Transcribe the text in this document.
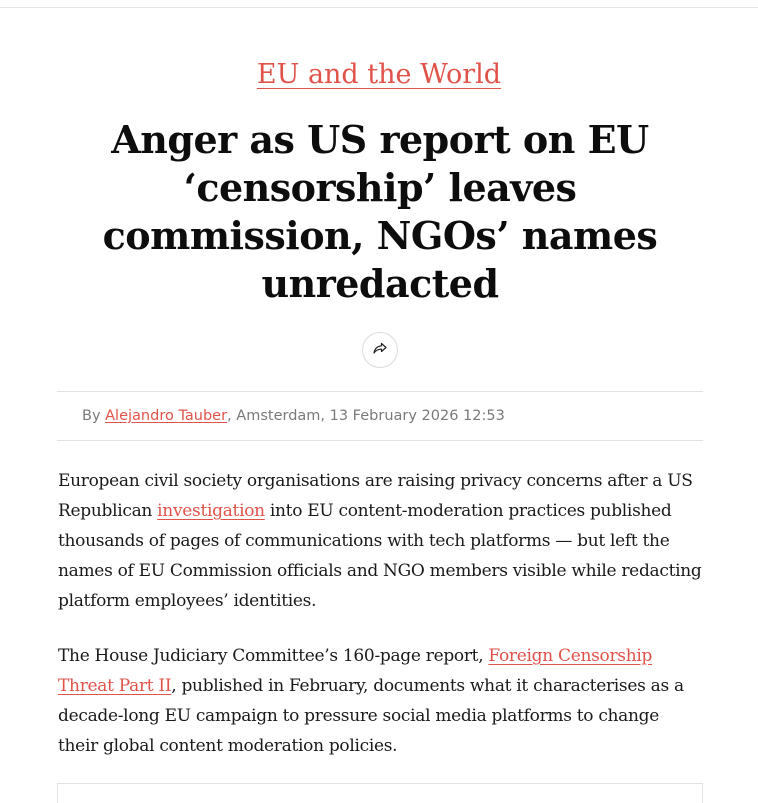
EU and the World
Anger as US report on EU ‘censorship’ leaves commission, NGOs’ names unredacted
By Alejandro Tauber, Amsterdam, 13 February 2026 12:53

European civil society organisations are raising privacy concerns after a US Republican investigation into EU content-moderation practices published thousands of pages of communications with tech platforms — but left the names of EU Commission officials and NGO members visible while redacting platform employees’ identities.

The House Judiciary Committee’s 160-page report, Foreign Censorship Threat Part II, published in February, documents what it characterises as a decade-long EU campaign to pressure social media platforms to change their global content moderation policies.
